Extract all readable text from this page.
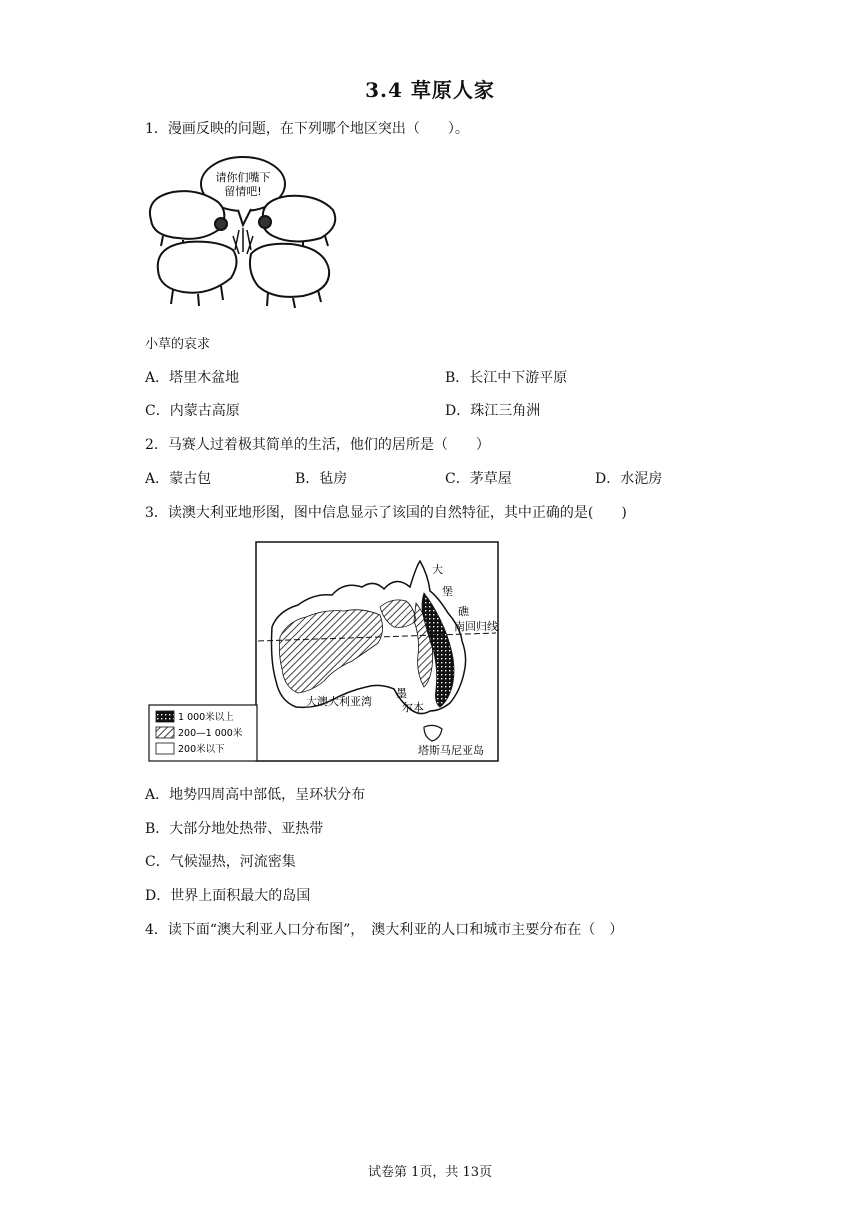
3.4 草原人家
1．漫画反映的问题，在下列哪个地区突出（　　）。
请你们嘴下
留情吧!
小草的哀求
A．塔里木盆地	B．长江中下游平原
C．内蒙古高原	D．珠江三角洲
2．马赛人过着极其简单的生活，他们的居所是（　　）
A．蒙古包	B．毡房	C．茅草屋	D．水泥房
3．读澳大利亚地形图，图中信息显示了该国的自然特征，其中正确的是(　　)
大
堡
礁
南回归线
大澳大利亚湾
墨
尔本
塔斯马尼亚岛
1 000米以上
200—1 000米
200米以下
A．地势四周高中部低，呈环状分布
B．大部分地处热带、亚热带
C．气候湿热，河流密集
D．世界上面积最大的岛国
4．读下面“澳大利亚人口分布图”，　澳大利亚的人口和城市主要分布在（　）
试卷第 1页，共 13页
